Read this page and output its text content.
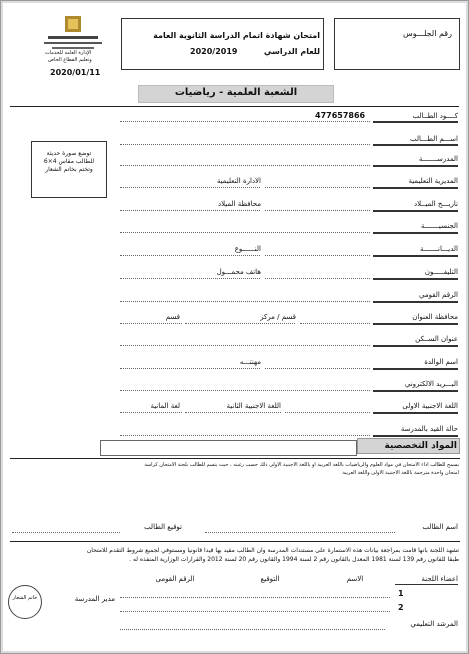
الإدارة العامة للخدمات
وتعليم القطاع الخاص
2020/01/11
امتحان شهادة اتمام الدراسة الثانوية العامة
للعام الدراسي
2020/2019
رقم الجلـــوس
الشعبة العلمية - رياضيات
توضع صورة حديثة
للطالب مقاس 4×6
وتختم بخاتم الشعار
كــــود الطــالب
477657866
اســـم الطـــالب
المدرســـــــة
المديرية التعليمية
الادارة التعليمية
تاريـــخ الميــلاد
محافظة الميلاد
الجنسيـــــــة
الديـــانـــــــة
النــــــوع
التليفـــــون
هاتف محمـــول
الرقم القومي
محافظة العنوان
قسم / مركز
قسم
عنوان الســكن
اسم الوالدة
مهنتـــه
البـــريد الالكتروني
اللغة الاجنبية الاولى
اللغة الاجنبية الثانية
لغة المانية
حالة القيد بالمدرسة
المواد التخصصية
يسمح للطالب أداء الامتحان في مواد العلوم والرياضيات باللغة العربية أو باللغة الأجنبية الأولى ذلك حسب رغبته ، حيث يتسم للطالب بلجنة الامتحان كراسة
امتحان واحدة مترجمة باللغة الاجنبية الاولى واللغة العربية
اسم الطالب
توقيع الطالب
تشهد اللجنة بانها قامت بمراجعة بيانات هذه الاستمارة على مستندات المدرسة وان الطالب مقيد بها قيدا قانونيا ومستوفي لجميع شروط التقدم للامتحان
طبقا للقانون رقم 139 لسنة 1981 المعدل بالقانون رقم 2 لسنة 1994 والقانون رقم 20 لسنة 2012 والقرارات الوزارية المنفذه له .
اعضاء اللجنة
الاسم
التوقيع
الرقم القومى
1
2
المرشد التعليمي
مدير المدرسة
خاتم الشعار
